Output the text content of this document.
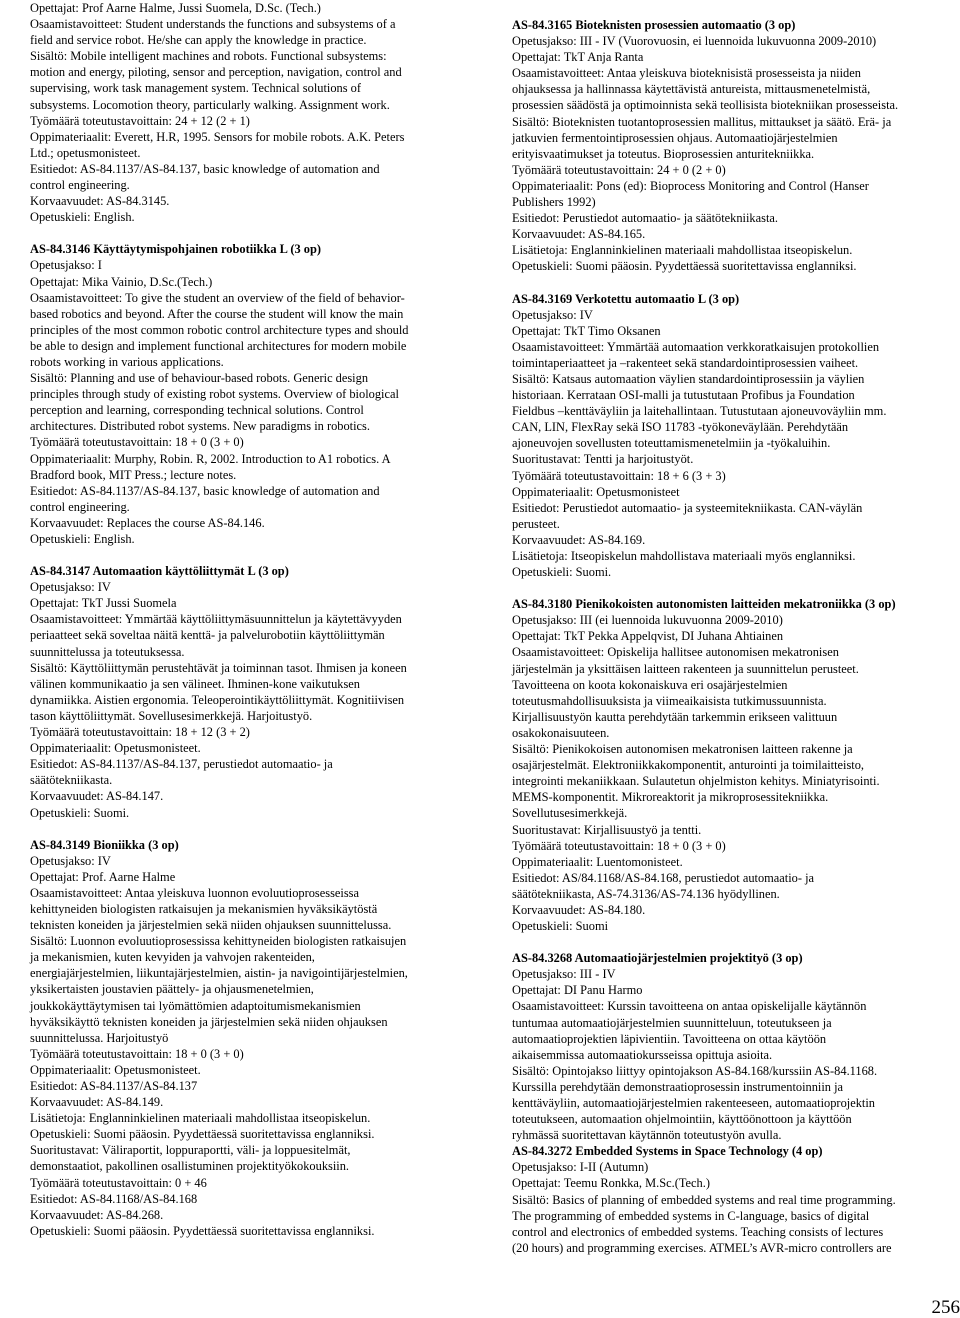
Opettajat: Prof Aarne Halme, Jussi Suomela, D.Sc. (Tech.)
Osaamistavoitteet: Student understands the functions and subsystems of a
field and service robot. He/she can apply the knowledge in practice.
Sisältö: Mobile intelligent machines and robots. Functional subsystems:
motion and energy, piloting, sensor and perception, navigation, control and
supervising, work task management system. Technical solutions of
subsystems. Locomotion theory, particularly walking. Assignment work.
Työmäärä toteutustavoittain: 24 + 12 (2 + 1)
Oppimateriaalit: Everett, H.R, 1995. Sensors for mobile robots. A.K. Peters
Ltd.; opetusmonisteet.
Esitiedot: AS-84.1137/AS-84.137, basic knowledge of automation and
control engineering.
Korvaavuudet: AS-84.3145.
Opetuskieli: English.
AS-84.3146 Käyttäytymispohjainen robotiikka L (3 op)
Opetusjakso: I
Opettajat: Mika Vainio, D.Sc.(Tech.)
Osaamistavoitteet: To give the student an overview of the field of behavior-
based robotics and beyond. After the course the student will know the main
principles of the most common robotic control architecture types and should
be able to design and implement functional architectures for modern mobile
robots working in various applications.
Sisältö: Planning and use of behaviour-based robots. Generic design
principles through study of existing robot systems. Overview of biological
perception and learning, corresponding technical solutions. Control
architectures. Distributed robot systems. New paradigms in robotics.
Työmäärä toteutustavoittain: 18 + 0 (3 + 0)
Oppimateriaalit: Murphy, Robin. R, 2002. Introduction to A1 robotics. A
Bradford book, MIT Press.; lecture notes.
Esitiedot: AS-84.1137/AS-84.137, basic knowledge of automation and
control engineering.
Korvaavuudet: Replaces the course AS-84.146.
Opetuskieli: English.
AS-84.3147 Automaation käyttöliittymät L (3 op)
Opetusjakso: IV
Opettajat: TkT Jussi Suomela
Osaamistavoitteet: Ymmärtää käyttöliittymäsuunnittelun ja käytettävyyden
periaatteet sekä soveltaa näitä kenttä- ja palvelurobotiin käyttöliittymän
suunnittelussa ja toteutuksessa.
Sisältö: Käyttöliittymän perustehtävät ja toiminnan tasot. Ihmisen ja koneen
välinen kommunikaatio ja sen välineet. Ihminen-kone vaikutuksen
dynamiikka. Aistien ergonomia. Teleoperointikäyttöliittymät. Kognitiivisen
tason käyttöliittymät. Sovellusesimerkkejä. Harjoitustyö.
Työmäärä toteutustavoittain: 18 + 12 (3 + 2)
Oppimateriaalit: Opetusmonisteet.
Esitiedot: AS-84.1137/AS-84.137, perustiedot automaatio- ja
säätötekniikasta.
Korvaavuudet: AS-84.147.
Opetuskieli: Suomi.
AS-84.3149 Bioniikka (3 op)
Opetusjakso: IV
Opettajat: Prof. Aarne Halme
Osaamistavoitteet: Antaa yleiskuva luonnon evoluutioprosesseissa
kehittyneiden biologisten ratkaisujen ja mekanismien hyväksikäytöstä
teknisten koneiden ja järjestelmien sekä niiden ohjauksen suunnittelussa.
Sisältö: Luonnon evoluutioprosessissa kehittyneiden biologisten ratkaisujen
ja mekanismien, kuten kevyiden ja vahvojen rakenteiden,
energiajärjestelmien, liikuntajärjestelmien, aistin- ja navigointijärjestelmien,
yksikertaisten joustavien päättely- ja ohjausmenetelmien,
joukkokäyttäytymisen tai lyömättömien adaptoitumismekanismien
hyväksikäyttö teknisten koneiden ja järjestelmien sekä niiden ohjauksen
suunnittelussa. Harjoitustyö
Työmäärä toteutustavoittain: 18 + 0 (3 + 0)
Oppimateriaalit: Opetusmonisteet.
Esitiedot: AS-84.1137/AS-84.137
Korvaavuudet: AS-84.149.
Lisätietoja: Englanninkielinen materiaali mahdollistaa itseopiskelun.
Opetuskieli: Suomi pääosin. Pyydettäessä suoritettavissa englanniksi.
Suoritustavat: Väliraportit, loppuraportti, väli- ja loppuesitelmät,
demonstaatiot, pakollinen osallistuminen projektityökokouksiin.
Työmäärä toteutustavoittain: 0 + 46
Esitiedot: AS-84.1168/AS-84.168
Korvaavuudet: AS-84.268.
Opetuskieli: Suomi pääosin. Pyydettäessä suoritettavissa englanniksi.
AS-84.3165 Bioteknisten prosessien automaatio (3 op)
Opetusjakso: III - IV (Vuorovuosin, ei luennoida lukuvuonna 2009-2010)
Opettajat: TkT Anja Ranta
Osaamistavoitteet: Antaa yleiskuva bioteknisistä prosesseista ja niiden
ohjauksessa ja hallinnassa käytettävistä antureista, mittausmenetelmistä,
prosessien säädöstä ja optimoinnista sekä teollisista biotekniikan prosesseista.
Sisältö: Bioteknisten tuotantoprosessien mallitus, mittaukset ja säätö. Erä- ja
jatkuvien fermentointiprosessien ohjaus. Automaatiojärjestelmien
erityisvaatimukset ja toteutus. Bioprosessien anturitekniikka.
Työmäärä toteutustavoittain: 24 + 0 (2 + 0)
Oppimateriaalit: Pons (ed): Bioprocess Monitoring and Control (Hanser
Publishers 1992)
Esitiedot: Perustiedot automaatio- ja säätötekniikasta.
Korvaavuudet: AS-84.165.
Lisätietoja: Englanninkielinen materiaali mahdollistaa itseopiskelun.
Opetuskieli: Suomi pääosin. Pyydettäessä suoritettavissa englanniksi.
AS-84.3169 Verkotettu automaatio L (3 op)
Opetusjakso: IV
Opettajat: TkT Timo Oksanen
Osaamistavoitteet: Ymmärtää automaation verkkoratkaisujen protokollien
toimintaperiaatteet ja –rakenteet sekä standardointiprosessien vaiheet.
Sisältö: Katsaus automaation väylien standardointiprosessiin ja väylien
historiaan. Kerrataan OSI-malli ja tutustutaan Profibus ja Foundation
Fieldbus –kenttäväyliin ja laitehallintaan. Tutustutaan ajoneuvoväyliin mm.
CAN, LIN, FlexRay sekä ISO 11783 -työkoneväylään. Perehdytään
ajoneuvojen sovellusten toteuttamismenetelmiin ja -työkaluihin.
Suoritustavat: Tentti ja harjoitustyöt.
Työmäärä toteutustavoittain: 18 + 6 (3 + 3)
Oppimateriaalit: Opetusmonisteet
Esitiedot: Perustiedot automaatio- ja systeemitekniikasta. CAN-väylän
perusteet.
Korvaavuudet: AS-84.169.
Lisätietoja: Itseopiskelun mahdollistava materiaali myös englanniksi.
Opetuskieli: Suomi.
AS-84.3180 Pienikokoisten autonomisten laitteiden mekatroniikka (3 op)
Opetusjakso: III (ei luennoida lukuvuonna 2009-2010)
Opettajat: TkT Pekka Appelqvist, DI Juhana Ahtiainen
Osaamistavoitteet: Opiskelija hallitsee autonomisen mekatronisen
järjestelmän ja yksittäisen laitteen rakenteen ja suunnittelun perusteet.
Tavoitteena on koota kokonaiskuva eri osajärjestelmien
toteutusmahdollisuuksista ja viimeaikaisista tutkimussuunnista.
Kirjallisuustyön kautta perehdytään tarkemmin erikseen valittuun
osakokonaisuuteen.
Sisältö: Pienikokoisen autonomisen mekatronisen laitteen rakenne ja
osajärjestelmät. Elektroniikkakomponentit, anturointi ja toimilaitteisto,
integrointi mekaniikkaan. Sulautetun ohjelmiston kehitys. Miniatyrisointi.
MEMS-komponentit. Mikroreaktorit ja mikroprosessitekniikka.
Sovellutusesimerkkejä.
Suoritustavat: Kirjallisuustyö ja tentti.
Työmäärä toteutustavoittain: 18 + 0 (3 + 0)
Oppimateriaalit: Luentomonisteet.
Esitiedot: AS/84.1168/AS-84.168, perustiedot automaatio- ja
säätötekniikasta, AS-74.3136/AS-74.136 hyödyllinen.
Korvaavuudet: AS-84.180.
Opetuskieli: Suomi
AS-84.3268 Automaatiojärjestelmien projektityö (3 op)
Opetusjakso: III - IV
Opettajat: DI Panu Harmo
Osaamistavoitteet: Kurssin tavoitteena on antaa opiskelijalle käytännön
tuntumaa automaatiojärjestelmien suunnitteluun, toteutukseen ja
automaatioprojektien läpivientiin. Tavoitteena on ottaa käytöön
aikaisemmissa automaatiokursseissa opittuja asioita.
Sisältö: Opintojakso liittyy opintojakson AS-84.168/kurssiin AS-84.1168.
Kurssilla perehdytään demonstraatioprosessin instrumentoinniin ja
kenttäväyliin, automaatiojärjestelmien rakenteeseen, automaatioprojektin
toteutukseen, automaation ohjelmointiin, käyttöönottoon ja käyttöön
ryhmässä suoritettavan käytännön toteutustyön avulla.
AS-84.3272 Embedded Systems in Space Technology (4 op)
Opetusjakso: I-II (Autumn)
Opettajat: Teemu Ronkka, M.Sc.(Tech.)
Sisältö: Basics of planning of embedded systems and real time programming.
The programming of embedded systems in C-language, basics of digital
control and electronics of embedded systems. Teaching consists of lectures
(20 hours) and programming exercises. ATMEL’s AVR-micro controllers are
256
